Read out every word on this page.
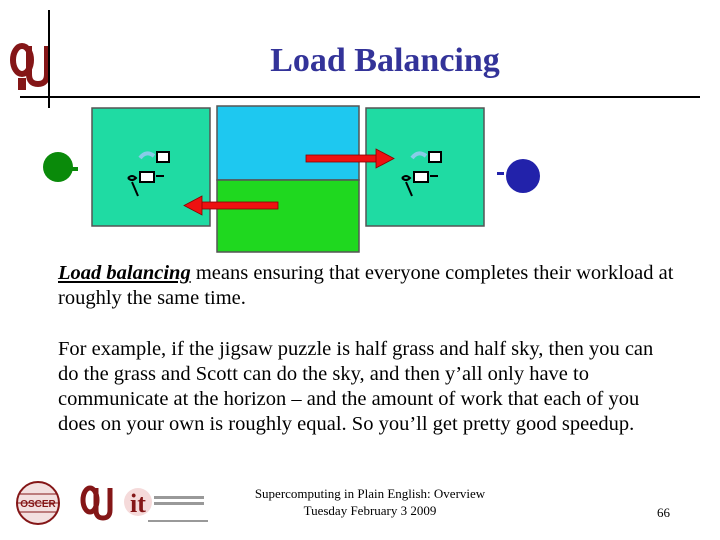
Load Balancing
Load balancing means ensuring that everyone completes their workload at roughly the same time.
For example, if the jigsaw puzzle is half grass and half sky, then you can do the grass and Scott can do the sky, and then y’all only have to communicate at the horizon – and the amount of work that each of you does on your own is roughly equal. So you’ll get pretty good speedup.
OSCER	it	Supercomputing in Plain English: Overview
Tuesday February 3 2009	66
